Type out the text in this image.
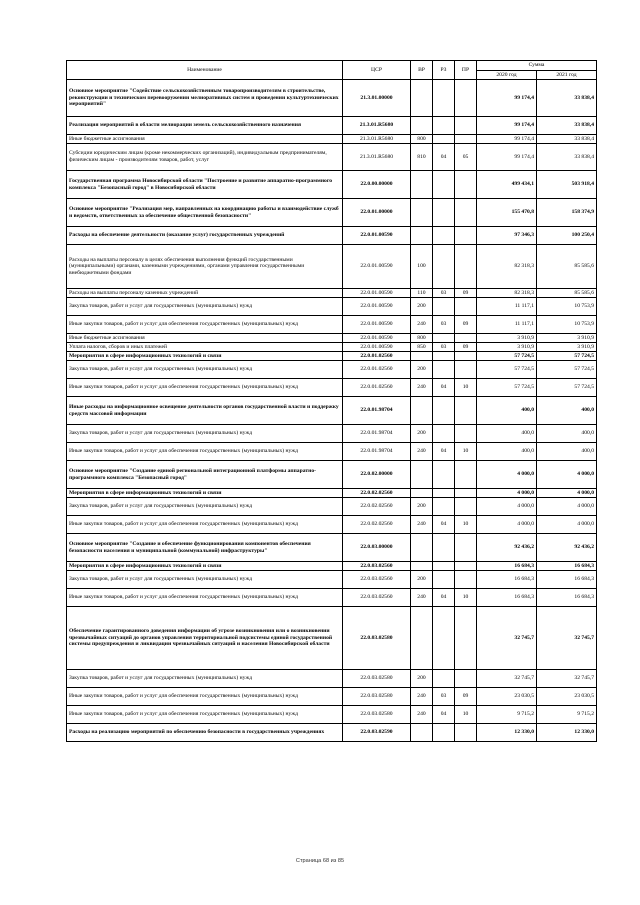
Наименование	ЦСР	ВР	РЗ	ПР	Сумма	
					2020 год	2021 год
Основное мероприятие "Содействие сельскохозяйственным товаропроизводителям в строительстве, реконструкции и техническом перевооружении мелиоративных систем и проведении культуртехнических мероприятий"	21.3.01.00000				99 174,4	33 838,4
Реализация мероприятий в области мелиорации земель сельскохозяйственного назначения	21.3.01.R5680				99 174,4	33 838,4
Иные бюджетные ассигнования	21.3.01.R5680	800			99 174,4	33 838,4
Субсидии юридическим лицам (кроме некоммерческих организаций), индивидуальным предпринимателям, физическим лицам - производителям товаров, работ, услуг	21.3.01.R5680	810	04	05	99 174,4	33 838,4
Государственная программа Новосибирской области "Построение и развитие аппаратно-программного комплекса "Безопасный город" в Новосибирской области	22.0.00.00000				499 434,1	503 918,4
Основное мероприятие "Реализация мер, направленных на координацию работы и взаимодействие служб и ведомств, ответственных за обеспечение общественной безопасности"	22.0.01.00000				155 470,8	158 374,9
Расходы на обеспечение деятельности (оказание услуг) государственных учреждений	22.0.01.00590				97 346,3	100 250,4
Расходы на выплаты персоналу в целях обеспечения выполнения функций государственными (муниципальными) органами, казенными учреждениями, органами управления государственными внебюджетными фондами	22.0.01.00590	100			82 318,3	85 585,6
Расходы на выплаты персоналу казенных учреждений	22.0.01.00590	110	03	09	82 318,3	85 585,6
Закупка товаров, работ и услуг для государственных (муниципальных) нужд	22.0.01.00590	200			11 117,1	10 753,9
Иные закупки товаров, работ и услуг для обеспечения государственных (муниципальных) нужд	22.0.01.00590	240	03	09	11 117,1	10 753,9
Иные бюджетные ассигнования	22.0.01.00590	800			3 910,9	3 910,9
Уплата налогов, сборов и иных платежей	22.0.01.00590	850	03	09	3 910,9	3 910,9
Мероприятия в сфере информационных технологий и связи	22.0.01.02560				57 724,5	57 724,5
Закупка товаров, работ и услуг для государственных (муниципальных) нужд	22.0.01.02560	200			57 724,5	57 724,5
Иные закупки товаров, работ и услуг для обеспечения государственных (муниципальных) нужд	22.0.01.02560	240	04	10	57 724,5	57 724,5
Иные расходы на информационное освещение деятельности органов государственной власти и поддержку средств массовой информации	22.0.01.98704				400,0	400,0
Закупка товаров, работ и услуг для государственных (муниципальных) нужд	22.0.01.98704	200			400,0	400,0
Иные закупки товаров, работ и услуг для обеспечения государственных (муниципальных) нужд	22.0.01.98704	240	04	10	400,0	400,0
Основное мероприятие "Создание единой региональной интеграционной платформы аппаратно-программного комплекса "Безопасный город"	22.0.02.00000				4 000,0	4 000,0
Мероприятия в сфере информационных технологий и связи	22.0.02.02560				4 000,0	4 000,0
Закупка товаров, работ и услуг для государственных (муниципальных) нужд	22.0.02.02560	200			4 000,0	4 000,0
Иные закупки товаров, работ и услуг для обеспечения государственных (муниципальных) нужд	22.0.02.02560	240	04	10	4 000,0	4 000,0
Основное мероприятие "Создание и обеспечение функционирования компонентов обеспечения безопасности населения и муниципальной (коммунальной) инфраструктуры"	22.0.03.00000				92 436,2	92 436,2
Мероприятия в сфере информационных технологий и связи	22.0.03.02560				16 684,3	16 684,3
Закупка товаров, работ и услуг для государственных (муниципальных) нужд	22.0.03.02560	200			16 684,3	16 684,3
Иные закупки товаров, работ и услуг для обеспечения государственных (муниципальных) нужд	22.0.03.02560	240	04	10	16 684,3	16 684,3
Обеспечение гарантированного доведения информации об угрозе возникновения или о возникновении чрезвычайных ситуаций до органов управления территориальной подсистемы единой государственной системы предупреждения и ликвидации чрезвычайных ситуаций и населения Новосибирской области	22.0.03.02580				32 745,7	32 745,7
Закупка товаров, работ и услуг для государственных (муниципальных) нужд	22.0.03.02580	200			32 745,7	32 745,7
Иные закупки товаров, работ и услуг для обеспечения государственных (муниципальных) нужд	22.0.03.02580	240	03	09	23 030,5	23 030,5
Иные закупки товаров, работ и услуг для обеспечения государственных (муниципальных) нужд	22.0.03.02580	240	04	10	9 715,2	9 715,2
Расходы на реализацию мероприятий по обеспечению безопасности в государственных учреждениях	22.0.03.02590				12 330,0	12 330,0
Страница 68 из 85
